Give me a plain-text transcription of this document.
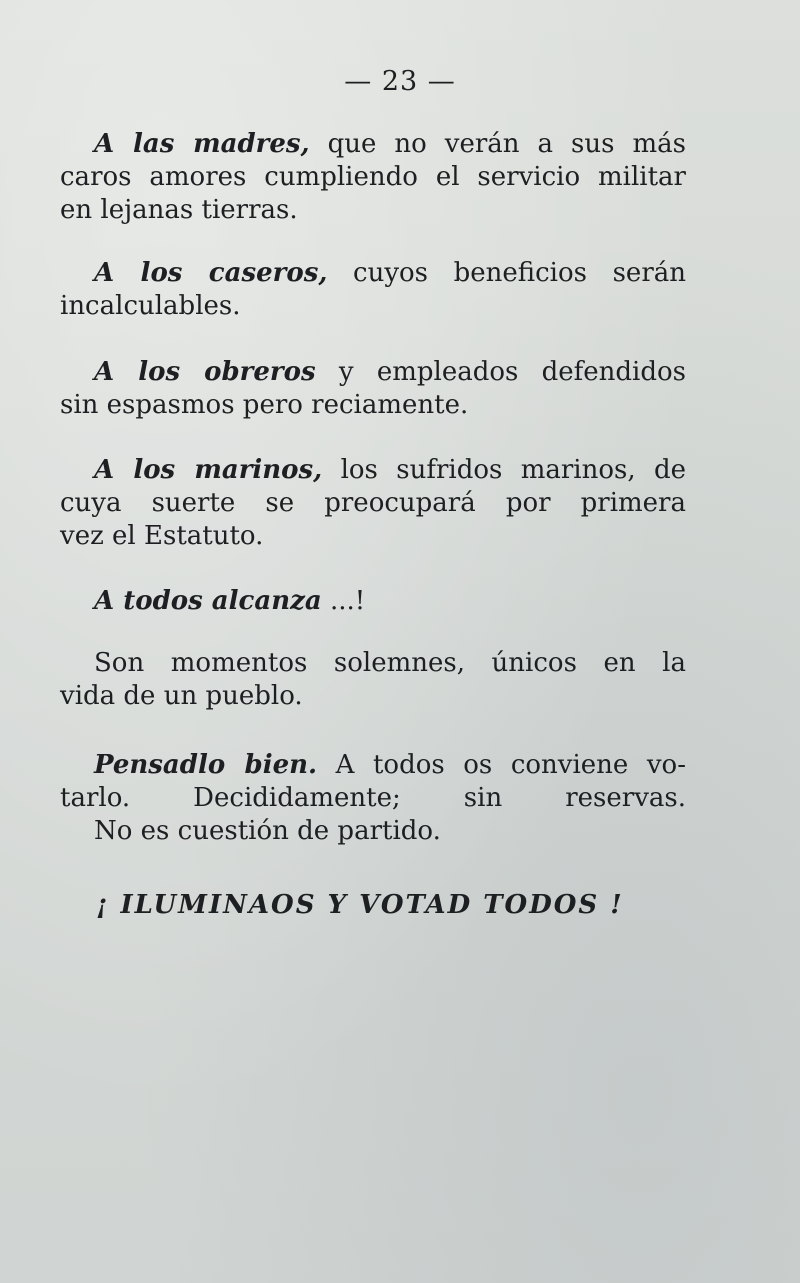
— 23 —
A las madres, que no verán a sus más
caros amores cumpliendo el servicio militar
en lejanas tierras.
A los caseros, cuyos beneficios serán
incalculables.
A los obreros y empleados defendidos
sin espasmos pero reciamente.
A los marinos, los sufridos marinos, de
cuya suerte se preocupará por primera
vez el Estatuto.
A todos alcanza ...!
Son momentos solemnes, únicos en la
vida de un pueblo.
Pensadlo bien. A todos os conviene vo-
tarlo. Decididamente; sin reservas.
No es cuestión de partido.
¡ ILUMINAOS Y VOTAD TODOS !
